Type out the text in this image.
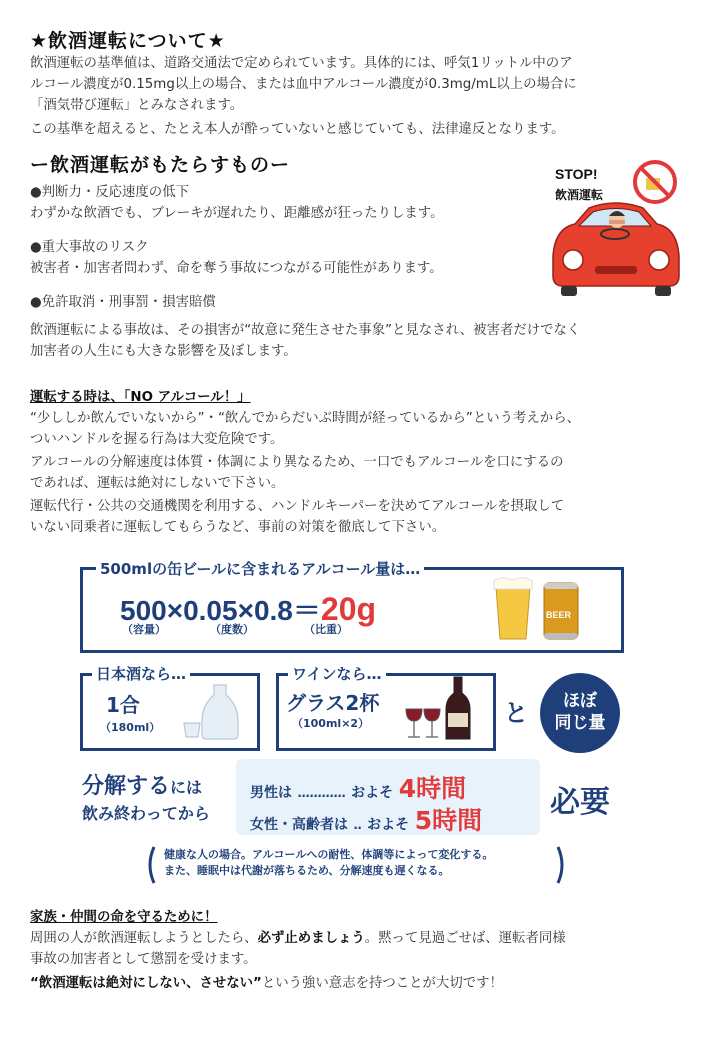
★飲酒運転について★
飲酒運転の基準値は、道路交通法で定められています。具体的には、呼気1リットル中のア
ルコール濃度が0.15mg以上の場合、または血中アルコール濃度が0.3mg/mL以上の場合に
「酒気帯び運転」とみなされます。
この基準を超えると、たとえ本人が酔っていないと感じていても、法律違反となります。
ー飲酒運転がもたらすものー
●判断力・反応速度の低下
わずかな飲酒でも、ブレーキが遅れたり、距離感が狂ったりします。
●重大事故のリスク
被害者・加害者問わず、命を奪う事故につながる可能性があります。
●免許取消・刑事罰・損害賠償
飲酒運転による事故は、その損害が“故意に発生させた事象”と見なされ、被害者だけでなく
加害者の人生にも大きな影響を及ぼします。
STOP!
飲酒運転
運転する時は、「NO アルコール！」
“少ししか飲んでいないから”・“飲んでからだいぶ時間が経っているから”という考えから、
ついハンドルを握る行為は大変危険です。
アルコールの分解速度は体質・体調により異なるため、一口でもアルコールを口にするの
であれば、運転は絶対にしないで下さい。
運転代行・公共の交通機関を利用する、ハンドルキーパーを決めてアルコールを摂取して
いない同乗者に運転してもらうなど、事前の対策を徹底して下さい。
500mlの缶ビールに含まれるアルコール量は…
500×0.05×0.8＝20g
（容量）	（度数）	（比重）
BEER
日本酒なら…
1合
（180ml）
ワインなら…
グラス2杯
（100ml×2）	と	ほぼ
同じ量
分解するには
飲み終わってから
男性は ………… およそ 4時間
女性・高齢者は ‥ およそ 5時間
必要
健康な人の場合。アルコールへの耐性、体調等によって変化する。
また、睡眠中は代謝が落ちるため、分解速度も遅くなる。
家族・仲間の命を守るために！
周囲の人が飲酒運転しようとしたら、必ず止めましょう。黙って見過ごせば、運転者同様
事故の加害者として懲罰を受けます。
“飲酒運転は絶対にしない、させない”という強い意志を持つことが大切です！
